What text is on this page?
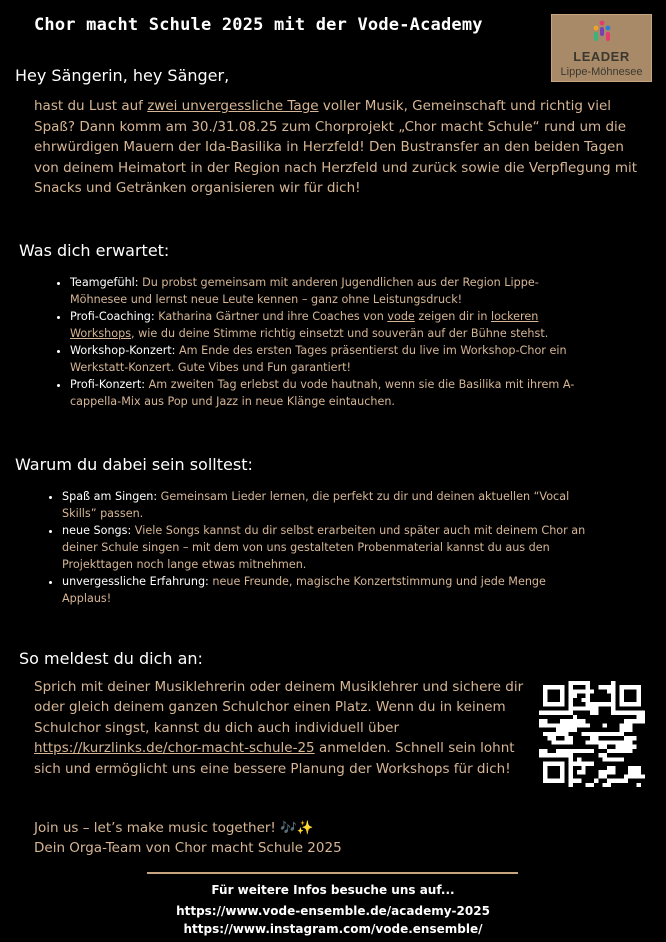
Chor macht Schule 2025 mit der Vode-Academy
LEADER
Lippe-Möhnesee
Hey Sängerin, hey Sänger,
hast du Lust auf zwei unvergessliche Tage voller Musik, Gemeinschaft und richtig viel Spaß? Dann komm am 30./31.08.25 zum Chorprojekt „Chor macht Schule“ rund um die ehrwürdigen Mauern der Ida-Basilika in Herzfeld! Den Bustransfer an den beiden Tagen von deinem Heimatort in der Region nach Herzfeld und zurück sowie die Verpflegung mit Snacks und Getränken organisieren wir für dich!
Was dich erwartet:
• Teamgefühl: Du probst gemeinsam mit anderen Jugendlichen aus der Region Lippe-Möhnesee und lernst neue Leute kennen – ganz ohne Leistungsdruck!
• Profi-Coaching: Katharina Gärtner und ihre Coaches von vode zeigen dir in lockeren Workshops, wie du deine Stimme richtig einsetzt und souverän auf der Bühne stehst.
• Workshop-Konzert: Am Ende des ersten Tages präsentierst du live im Workshop-Chor ein Werkstatt-Konzert. Gute Vibes und Fun garantiert!
• Profi-Konzert: Am zweiten Tag erlebst du vode hautnah, wenn sie die Basilika mit ihrem A-cappella-Mix aus Pop und Jazz in neue Klänge eintauchen.
Warum du dabei sein solltest:
• Spaß am Singen: Gemeinsam Lieder lernen, die perfekt zu dir und deinen aktuellen “Vocal Skills” passen.
• neue Songs: Viele Songs kannst du dir selbst erarbeiten und später auch mit deinem Chor an deiner Schule singen – mit dem von uns gestalteten Probenmaterial kannst du aus den Projekttagen noch lange etwas mitnehmen.
• unvergessliche Erfahrung: neue Freunde, magische Konzertstimmung und jede Menge Applaus!
So meldest du dich an:
Sprich mit deiner Musiklehrerin oder deinem Musiklehrer und sichere dir oder gleich deinem ganzen Schulchor einen Platz. Wenn du in keinem Schulchor singst, kannst du dich auch individuell über https://kurzlinks.de/chor-macht-schule-25 anmelden. Schnell sein lohnt sich und ermöglicht uns eine bessere Planung der Workshops für dich!
Join us – let’s make music together! 🎶✨
Dein Orga-Team von Chor macht Schule 2025
Für weitere Infos besuche uns auf...
https://www.vode-ensemble.de/academy-2025
https://www.instagram.com/vode.ensemble/
